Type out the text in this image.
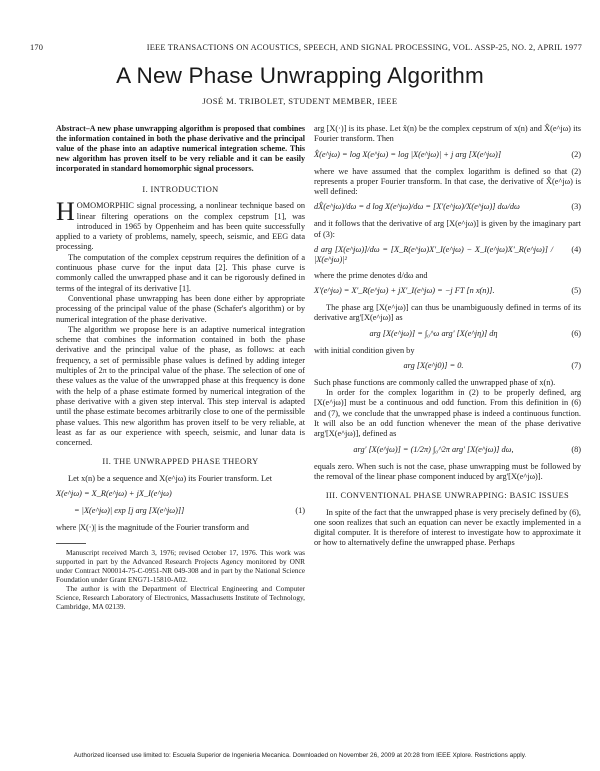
170	IEEE TRANSACTIONS ON ACOUSTICS, SPEECH, AND SIGNAL PROCESSING, VOL. ASSP-25, NO. 2, APRIL 1977
A New Phase Unwrapping Algorithm
JOSÉ M. TRIBOLET, STUDENT MEMBER, IEEE
Abstract–A new phase unwrapping algorithm is proposed that combines the information contained in both the phase derivative and the principal value of the phase into an adaptive numerical integration scheme. This new algorithm has proven itself to be very reliable and it can be easily incorporated in standard homomorphic signal processors.
I. INTRODUCTION

HOMOMORPHIC signal processing, a nonlinear technique based on linear filtering operations on the complex cepstrum [1], was introduced in 1965 by Oppenheim and has been quite successfully applied to a variety of problems, namely, speech, seismic, and EEG data processing.

The computation of the complex cepstrum requires the definition of a continuous phase curve for the input data [2]. This phase curve is commonly called the unwrapped phase and it can be rigorously defined in terms of the integral of its derivative [1].

Conventional phase unwrapping has been done either by appropriate processing of the principal value of the phase (Schafer's algorithm) or by numerical integration of the phase derivative.

The algorithm we propose here is an adaptive numerical integration scheme that combines the information contained in both the phase derivative and the principal value of the phase, as follows: at each frequency, a set of permissible phase values is defined by adding integer multiples of 2π to the principal value of the phase. The selection of one of these values as the value of the unwrapped phase at this frequency is done with the help of a phase estimate formed by numerical integration of the phase derivative with a given step interval. This step interval is adapted until the phase estimate becomes arbitrarily close to one of the permissible phase values. This new algorithm has proven itself to be very reliable, at least as far as our experience with speech, seismic, and lunar data is concerned.

II. THE UNWRAPPED PHASE THEORY

Let x(n) be a sequence and X(e^jω) its Fourier transform. Let

X(e^jω) = X_R(e^jω) + jX_I(e^jω)
= |X(e^jω)| exp [j arg [X(e^jω)]]	(1)

where |X(·)| is the magnitude of the Fourier transform and

Manuscript received March 3, 1976; revised October 17, 1976. This work was supported in part by the Advanced Research Projects Agency monitored by ONR under Contract N00014-75-C-0951-NR 049-308 and in part by the National Science Foundation under Grant ENG71-15810-A02.

The author is with the Department of Electrical Engineering and Computer Science, Research Laboratory of Electronics, Massachusetts Institute of Technology, Cambridge, MA 02139.

arg [X(·)] is its phase. Let x̂(n) be the complex cepstrum of x(n) and X̂(e^jω) its Fourier transform. Then

X̂(e^jω) = log X(e^jω) = log |X(e^jω)| + j arg [X(e^jω)]	(2)

where we have assumed that the complex logarithm is defined so that (2) represents a proper Fourier transform. In that case, the derivative of X̂(e^jω) is well defined:

dX̂(e^jω)/dω = d log X(e^jω)/dω = [X'(e^jω)/X(e^jω)] dω/dω	(3)

and it follows that the derivative of arg [X(e^jω)] is given by the imaginary part of (3):

d arg [X(e^jω)]/dω = [X_R(e^jω)X'_I(e^jω) − X_I(e^jω)X'_R(e^jω)] / |X(e^jω)|²
(4)

where the prime denotes d/dω and

X'(e^jω) = X'_R(e^jω) + jX'_I(e^jω) = −j FT [n x(n)].	(5)

The phase arg [X(e^jω)] can thus be unambiguously defined in terms of its derivative arg'[X(e^jω)] as

arg [X(e^jω)] = ∫₀^ω arg' [X(e^jη)] dη	(6)

with initial condition given by

arg [X(e^j0)] = 0.	(7)

Such phase functions are commonly called the unwrapped phase of x(n).

In order for the complex logarithm in (2) to be properly defined, arg [X(e^jω)] must be a continuous and odd function. From this definition in (6) and (7), we conclude that the unwrapped phase is indeed a continuous function. It will also be an odd function whenever the mean of the phase derivative arg'[X(e^jω)], defined as

arg' [X(e^jω)] = (1/2π) ∫₀^2π arg' [X(e^jω)] dω,	(8)

equals zero. When such is not the case, phase unwrapping must be followed by the removal of the linear phase component induced by arg'[X(e^jω)].

III. CONVENTIONAL PHASE UNWRAPPING: BASIC ISSUES

In spite of the fact that the unwrapped phase is very precisely defined by (6), one soon realizes that such an equation can never be exactly implemented in a digital computer. It is therefore of interest to investigate how to approximate it or how to alternatively define the unwrapped phase. Perhaps

Authorized licensed use limited to: Escuela Superior de Ingenieria Mecanica. Downloaded on November 26, 2009 at 20:28 from IEEE Xplore. Restrictions apply.
